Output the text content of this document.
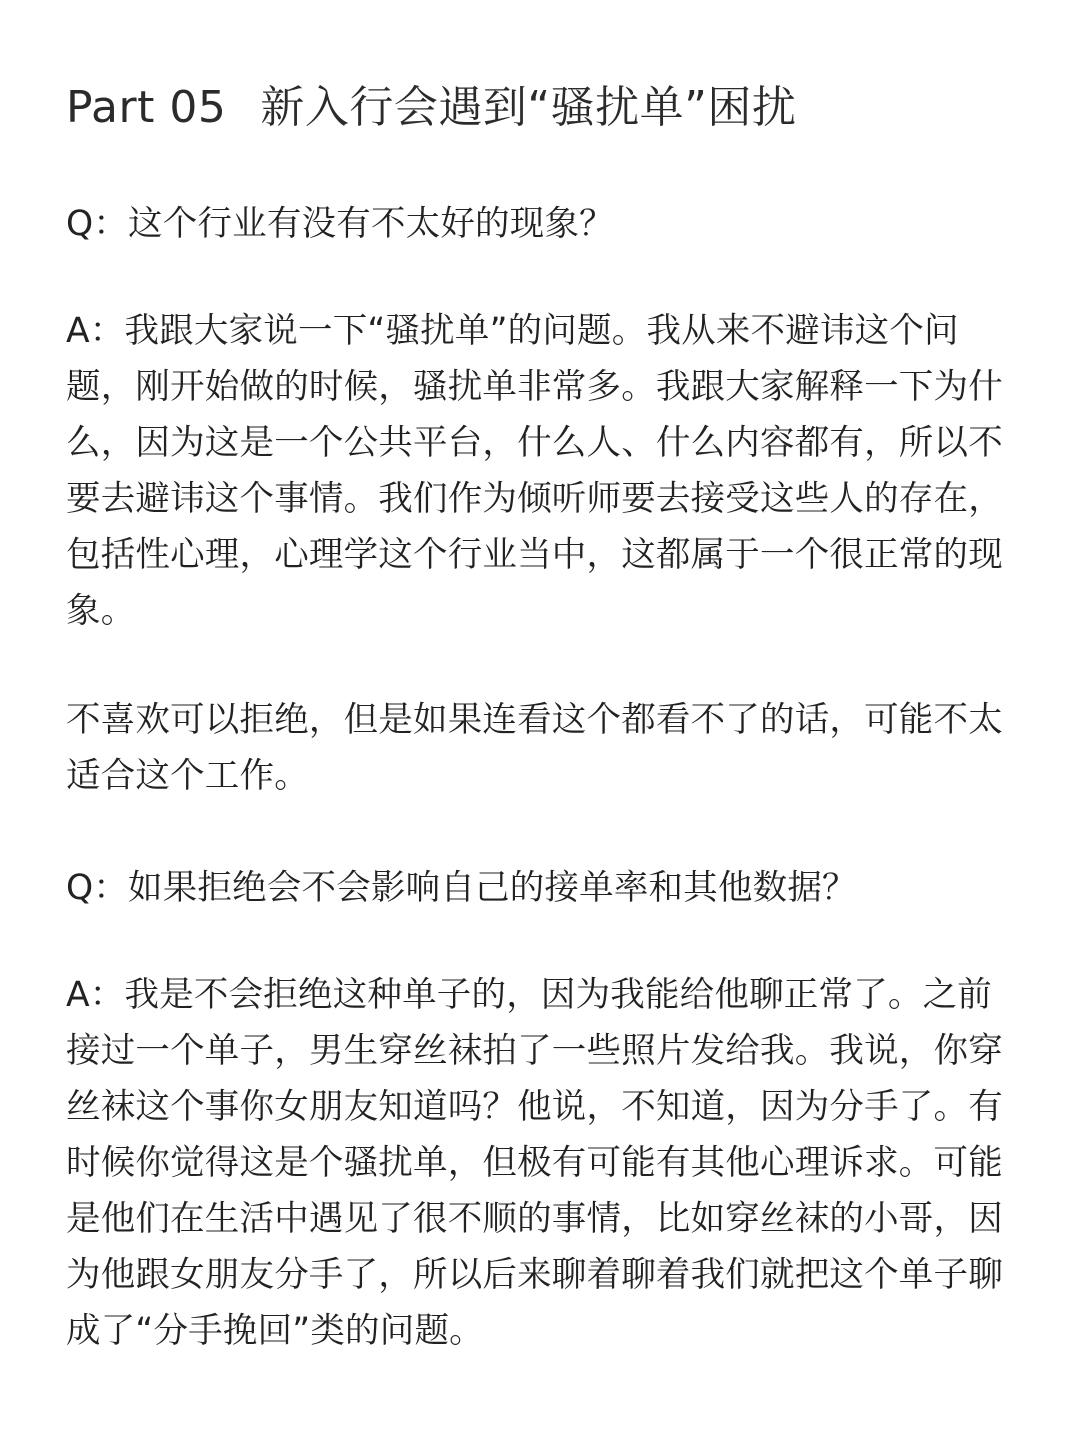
Part 05 新入行会遇到“骚扰单”困扰

Q：这个行业有没有不太好的现象？

A：我跟大家说一下“骚扰单”的问题。我从来不避讳这个问题，刚开始做的时候，骚扰单非常多。我跟大家解释一下为什么，因为这是一个公共平台，什么人、什么内容都有，所以不要去避讳这个事情。我们作为倾听师要去接受这些人的存在，包括性心理，心理学这个行业当中，这都属于一个很正常的现象。

不喜欢可以拒绝，但是如果连看这个都看不了的话，可能不太适合这个工作。

Q：如果拒绝会不会影响自己的接单率和其他数据？

A：我是不会拒绝这种单子的，因为我能给他聊正常了。之前接过一个单子，男生穿丝袜拍了一些照片发给我。我说，你穿丝袜这个事你女朋友知道吗？他说，不知道，因为分手了。有时候你觉得这是个骚扰单，但极有可能有其他心理诉求。可能是他们在生活中遇见了很不顺的事情，比如穿丝袜的小哥，因为他跟女朋友分手了，所以后来聊着聊着我们就把这个单子聊成了“分手挽回”类的问题。
